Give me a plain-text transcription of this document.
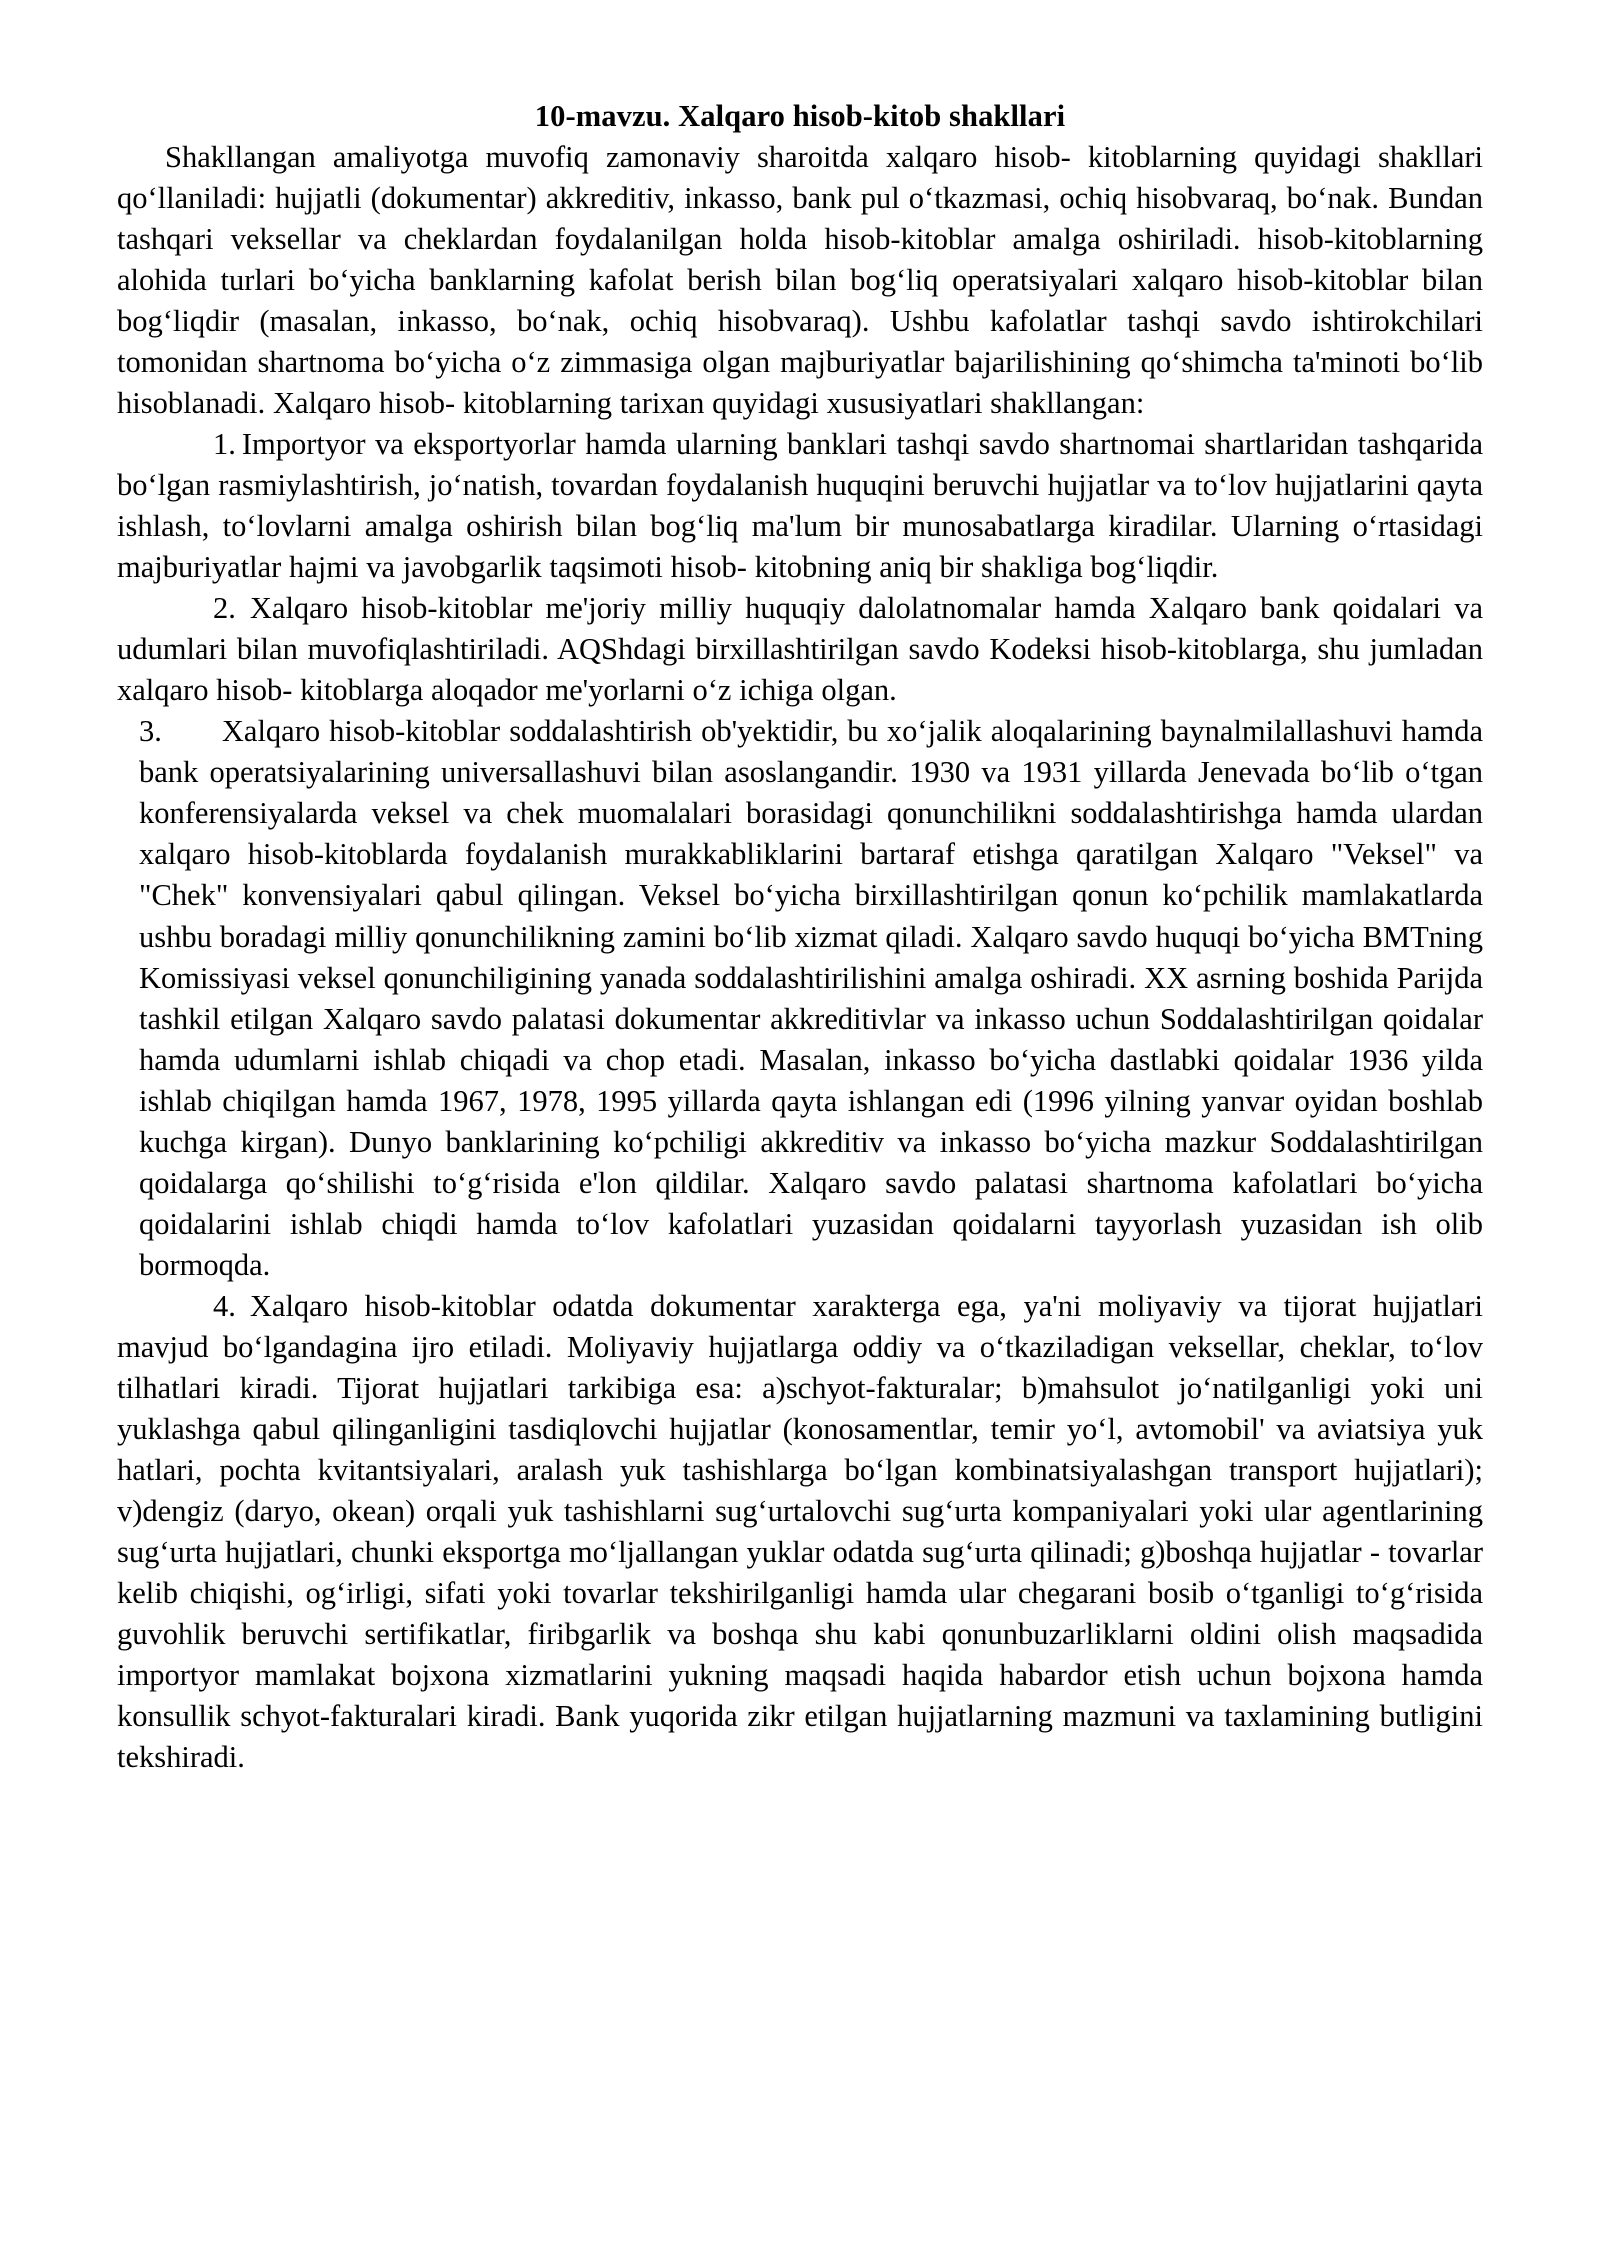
10-mavzu. Xalqaro hisob-kitob shakllari

Shakllangan amaliyotga muvofiq zamonaviy sharoitda xalqaro hisob- kitoblarning quyidagi shakllari qo‘llaniladi: hujjatli (dokumentar) akkreditiv, inkasso, bank pul o‘tkazmasi, ochiq hisobvaraq, bo‘nak. Bundan tashqari veksellar va cheklardan foydalanilgan holda hisob-kitoblar amalga oshiriladi. hisob-kitoblarning alohida turlari bo‘yicha banklarning kafolat berish bilan bog‘liq operatsiyalari xalqaro hisob-kitoblar bilan bog‘liqdir (masalan, inkasso, bo‘nak, ochiq hisobvaraq). Ushbu kafolatlar tashqi savdo ishtirokchilari tomonidan shartnoma bo‘yicha o‘z zimmasiga olgan majburiyatlar bajarilishining qo‘shimcha ta'minoti bo‘lib hisoblanadi. Xalqaro hisob- kitoblarning tarixan quyidagi xususiyatlari shakllangan:

1. Importyor va eksportyorlar hamda ularning banklari tashqi savdo shartnomai shartlaridan tashqarida bo‘lgan rasmiylashtirish, jo‘natish, tovardan foydalanish huquqini beruvchi hujjatlar va to‘lov hujjatlarini qayta ishlash, to‘lovlarni amalga oshirish bilan bog‘liq ma'lum bir munosabatlarga kiradilar. Ularning o‘rtasidagi majburiyatlar hajmi va javobgarlik taqsimoti hisob- kitobning aniq bir shakliga bog‘liqdir.

2. Xalqaro hisob-kitoblar me'joriy milliy huquqiy dalolatnomalar hamda Xalqaro bank qoidalari va udumlari bilan muvofiqlashtiriladi. AQShdagi birxillashtirilgan savdo Kodeksi hisob-kitoblarga, shu jumladan xalqaro hisob- kitoblarga aloqador me'yorlarni o‘z ichiga olgan.

3. Xalqaro hisob-kitoblar soddalashtirish ob'yektidir, bu xo‘jalik aloqalarining baynalmilallashuvi hamda bank operatsiyalarining universallashuvi bilan asoslangandir. 1930 va 1931 yillarda Jenevada bo‘lib o‘tgan konferensiyalarda veksel va chek muomalalari borasidagi qonunchilikni soddalashtirishga hamda ulardan xalqaro hisob-kitoblarda foydalanish murakkabliklarini bartaraf etishga qaratilgan Xalqaro "Veksel" va "Chek" konvensiyalari qabul qilingan. Veksel bo‘yicha birxillashtirilgan qonun ko‘pchilik mamlakatlarda ushbu boradagi milliy qonunchilikning zamini bo‘lib xizmat qiladi. Xalqaro savdo huquqi bo‘yicha BMTning Komissiyasi veksel qonunchiligining yanada soddalashtirilishini amalga oshiradi. XX asrning boshida Parijda tashkil etilgan Xalqaro savdo palatasi dokumentar akkreditivlar va inkasso uchun Soddalashtirilgan qoidalar hamda udumlarni ishlab chiqadi va chop etadi. Masalan, inkasso bo‘yicha dastlabki qoidalar 1936 yilda ishlab chiqilgan hamda 1967, 1978, 1995 yillarda qayta ishlangan edi (1996 yilning yanvar oyidan boshlab kuchga kirgan). Dunyo banklarining ko‘pchiligi akkreditiv va inkasso bo‘yicha mazkur Soddalashtirilgan qoidalarga qo‘shilishi to‘g‘risida e'lon qildilar. Xalqaro savdo palatasi shartnoma kafolatlari bo‘yicha qoidalarini ishlab chiqdi hamda to‘lov kafolatlari yuzasidan qoidalarni tayyorlash yuzasidan ish olib bormoqda.

4. Xalqaro hisob-kitoblar odatda dokumentar xarakterga ega, ya'ni moliyaviy va tijorat hujjatlari mavjud bo‘lgandagina ijro etiladi. Moliyaviy hujjatlarga oddiy va o‘tkaziladigan veksellar, cheklar, to‘lov tilhatlari kiradi. Tijorat hujjatlari tarkibiga esa: a)schyot-fakturalar; b)mahsulot jo‘natilganligi yoki uni yuklashga qabul qilinganligini tasdiqlovchi hujjatlar (konosamentlar, temir yo‘l, avtomobil' va aviatsiya yuk hatlari, pochta kvitantsiyalari, aralash yuk tashishlarga bo‘lgan kombinatsiyalashgan transport hujjatlari); v)dengiz (daryo, okean) orqali yuk tashishlarni sug‘urtalovchi sug‘urta kompaniyalari yoki ular agentlarining sug‘urta hujjatlari, chunki eksportga mo‘ljallangan yuklar odatda sug‘urta qilinadi; g)boshqa hujjatlar - tovarlar kelib chiqishi, og‘irligi, sifati yoki tovarlar tekshirilganligi hamda ular chegarani bosib o‘tganligi to‘g‘risida guvohlik beruvchi sertifikatlar, firibgarlik va boshqa shu kabi qonunbuzarliklarni oldini olish maqsadida importyor mamlakat bojxona xizmatlarini yukning maqsadi haqida habardor etish uchun bojxona hamda konsullik schyot-fakturalari kiradi. Bank yuqorida zikr etilgan hujjatlarning mazmuni va taxlamining butligini tekshiradi.
